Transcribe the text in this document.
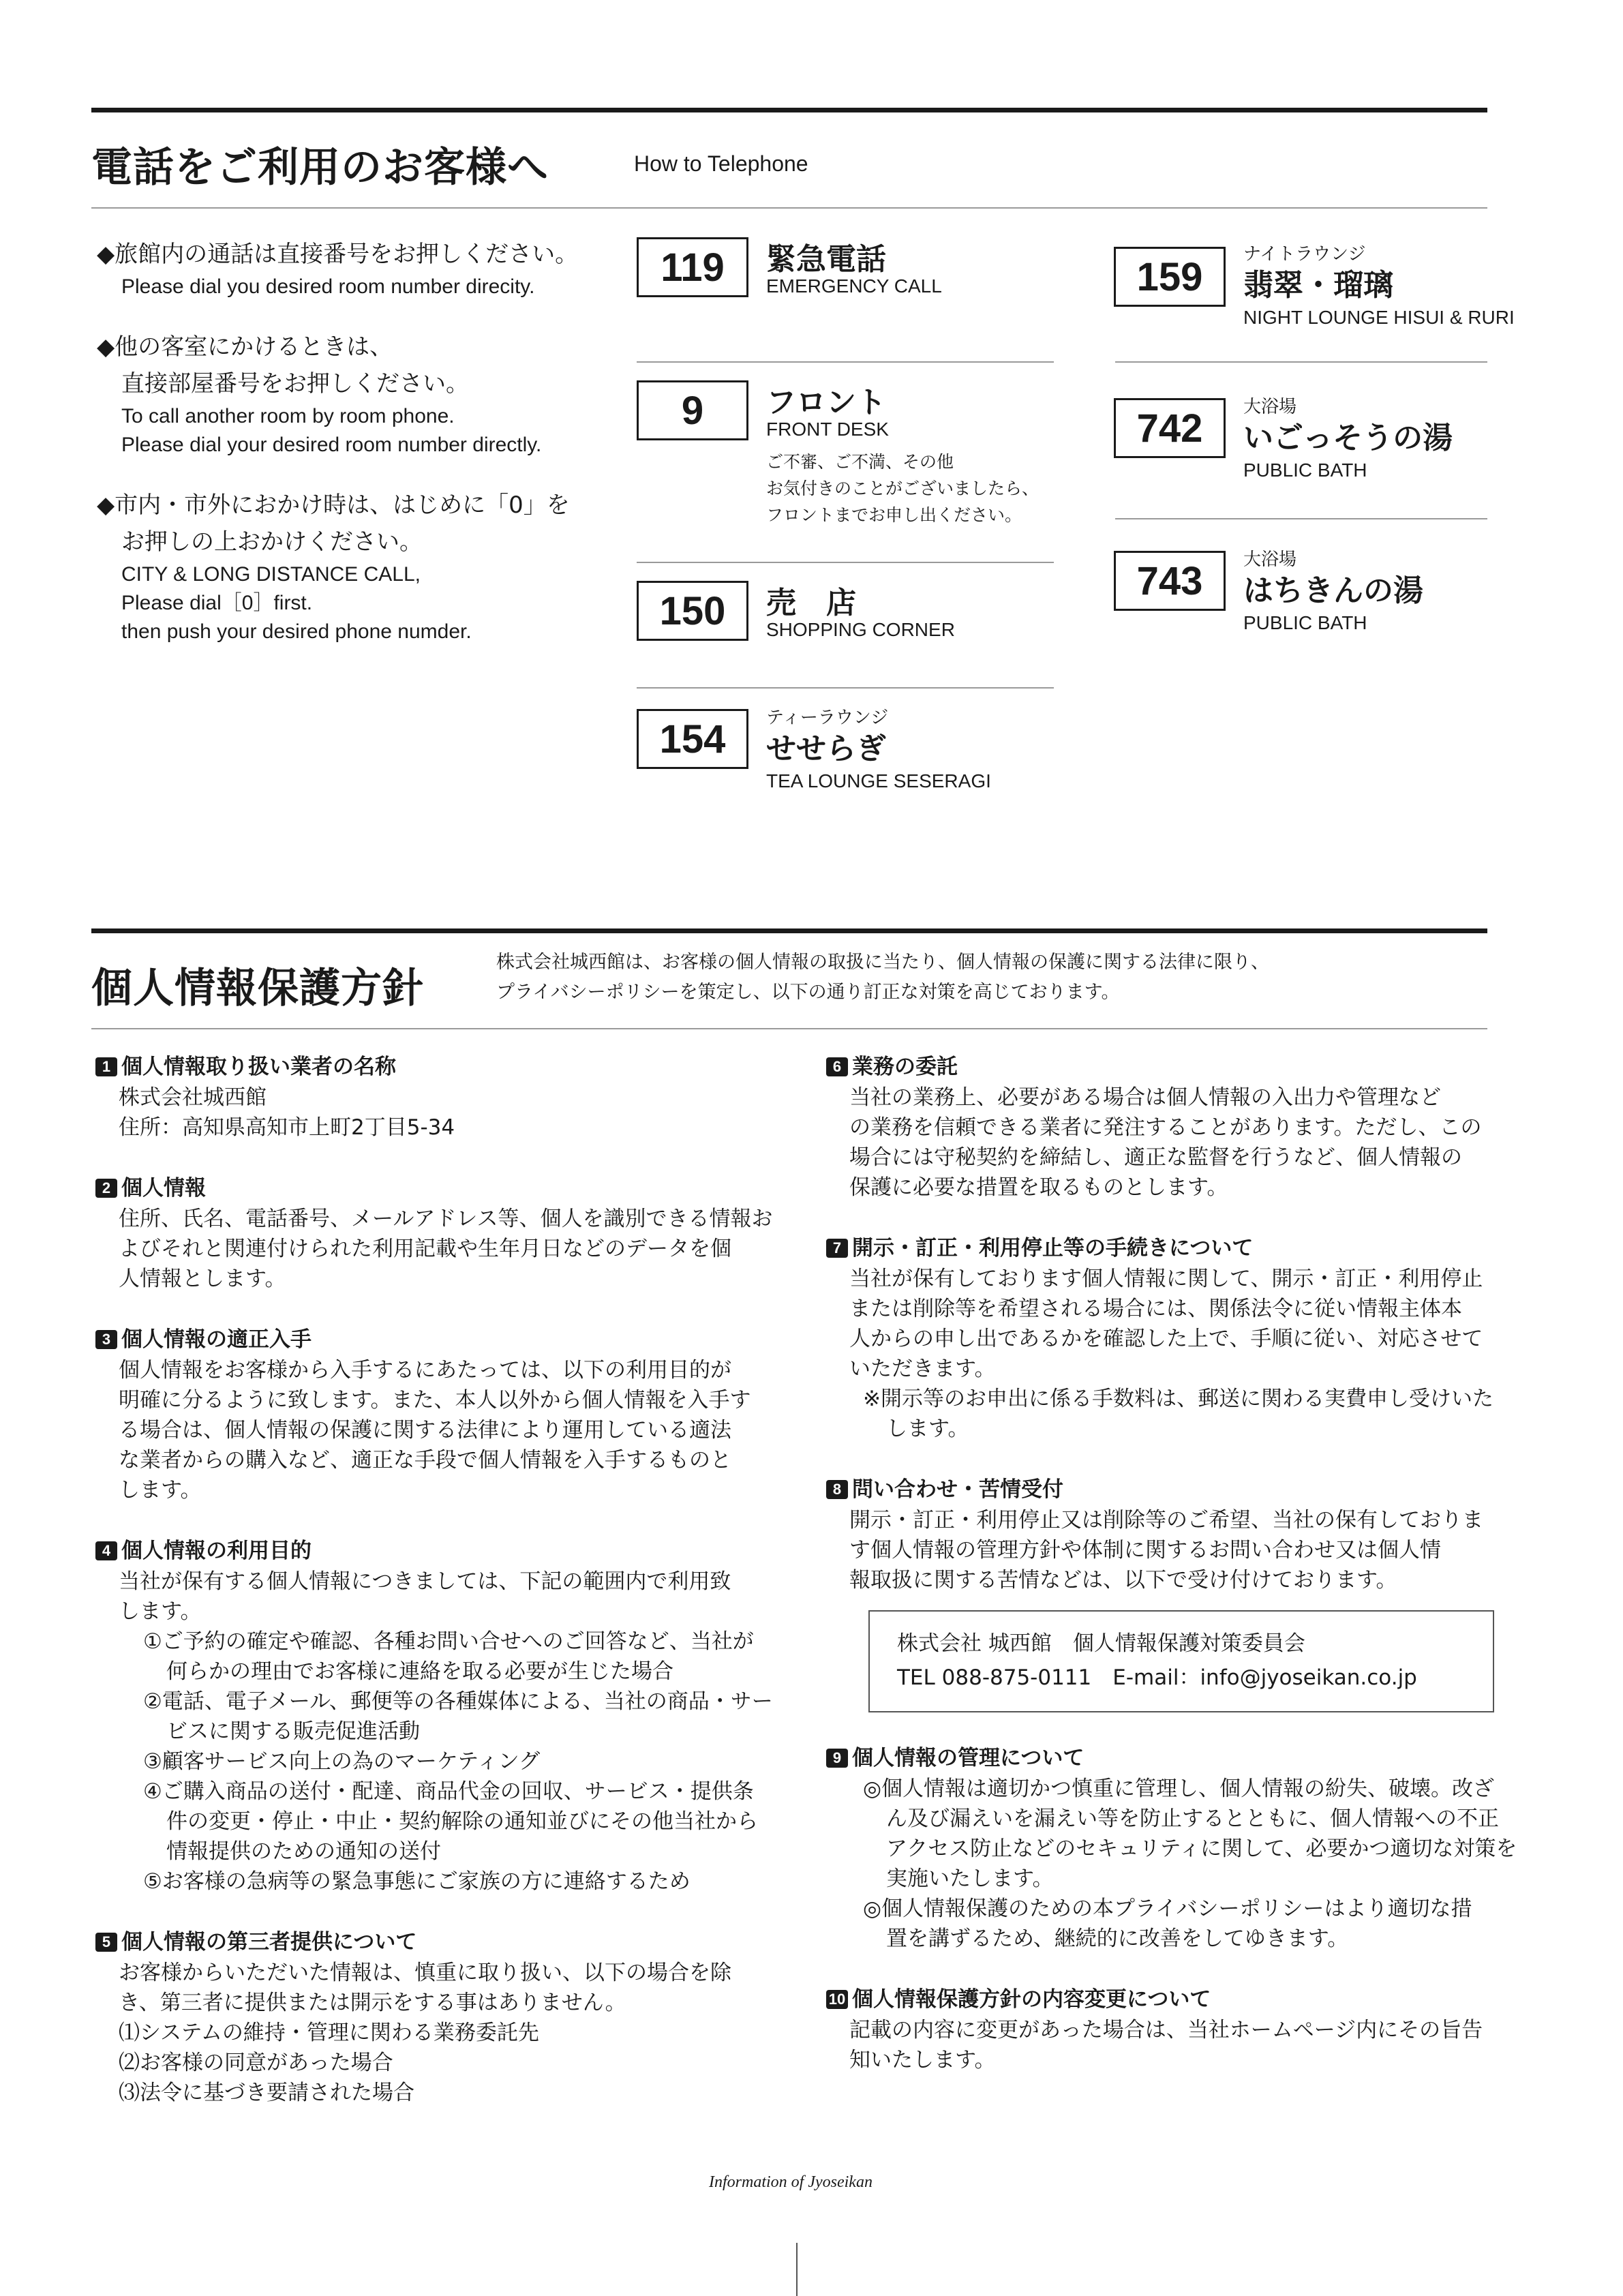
電話をご利用のお客様へ	How to Telephone
◆旅館内の通話は直接番号をお押しください。
Please dial you desired room number direcity.
◆他の客室にかけるときは、
直接部屋番号をお押しください。
To call another room by room phone.
Please dial your desired room number directly.
◆市内・市外におかけ時は、はじめに「0」を
お押しの上おかけください。
CITY & LONG DISTANCE CALL,
Please dial［0］first.
then push your desired phone numder.
119	緊急電話
EMERGENCY CALL
9	フロント
FRONT DESK
ご不審、ご不満、その他
お気付きのことがございましたら、
フロントまでお申し出ください。
150	売　店
SHOPPING CORNER
154	ティーラウンジ
せせらぎ
TEA LOUNGE SESERAGI
159
ナイトラウンジ
翡翠・瑠璃
NIGHT LOUNGE HISUI & RURI
742	大浴場
いごっそうの湯
PUBLIC BATH
743	大浴場
はちきんの湯
PUBLIC BATH
個人情報保護方針
株式会社城西館は、お客様の個人情報の取扱に当たり、個人情報の保護に関する法律に限り、
プライバシーポリシーを策定し、以下の通り訂正な対策を高じております。
1 個人情報取り扱い業者の名称
株式会社城西館
住所：高知県高知市上町2丁目5-34
2 個人情報
住所、氏名、電話番号、メールアドレス等、個人を識別できる情報お
よびそれと関連付けられた利用記載や生年月日などのデータを個
人情報とします。
3 個人情報の適正入手
個人情報をお客様から入手するにあたっては、以下の利用目的が
明確に分るように致します。また、本人以外から個人情報を入手す
る場合は、個人情報の保護に関する法律により運用している適法
な業者からの購入など、適正な手段で個人情報を入手するものと
します。
4 個人情報の利用目的
当社が保有する個人情報につきましては、下記の範囲内で利用致
します。
①ご予約の確定や確認、各種お問い合せへのご回答など、当社が
何らかの理由でお客様に連絡を取る必要が生じた場合
②電話、電子メール、郵便等の各種媒体による、当社の商品・サー
ビスに関する販売促進活動
③顧客サービス向上の為のマーケティング
④ご購入商品の送付・配達、商品代金の回収、サービス・提供条
件の変更・停止・中止・契約解除の通知並びにその他当社から
情報提供のための通知の送付
⑤お客様の急病等の緊急事態にご家族の方に連絡するため
5 個人情報の第三者提供について
お客様からいただいた情報は、慎重に取り扱い、以下の場合を除
き、第三者に提供または開示をする事はありません。
⑴システムの維持・管理に関わる業務委託先
⑵お客様の同意があった場合
⑶法令に基づき要請された場合
6 業務の委託
当社の業務上、必要がある場合は個人情報の入出力や管理など
の業務を信頼できる業者に発注することがあります。ただし、この
場合には守秘契約を締結し、適正な監督を行うなど、個人情報の
保護に必要な措置を取るものとします。
7 開示・訂正・利用停止等の手続きについて
当社が保有しております個人情報に関して、開示・訂正・利用停止
または削除等を希望される場合には、関係法令に従い情報主体本
人からの申し出であるかを確認した上で、手順に従い、対応させて
いただきます。
※開示等のお申出に係る手数料は、郵送に関わる実費申し受けいた
します。
8 問い合わせ・苦情受付
開示・訂正・利用停止又は削除等のご希望、当社の保有しておりま
す個人情報の管理方針や体制に関するお問い合わせ又は個人情
報取扱に関する苦情などは、以下で受け付けております。
株式会社 城西館　個人情報保護対策委員会
TEL 088-875-0111　E-mail：info@jyoseikan.co.jp
9 個人情報の管理について
◎個人情報は適切かつ慎重に管理し、個人情報の紛失、破壊。改ざ
ん及び漏えいを漏えい等を防止するとともに、個人情報への不正
アクセス防止などのセキュリティに関して、必要かつ適切な対策を
実施いたします。
◎個人情報保護のための本プライバシーポリシーはより適切な措
置を講ずるため、継続的に改善をしてゆきます。
10 個人情報保護方針の内容変更について
記載の内容に変更があった場合は、当社ホームページ内にその旨告
知いたします。
Information of Jyoseikan
